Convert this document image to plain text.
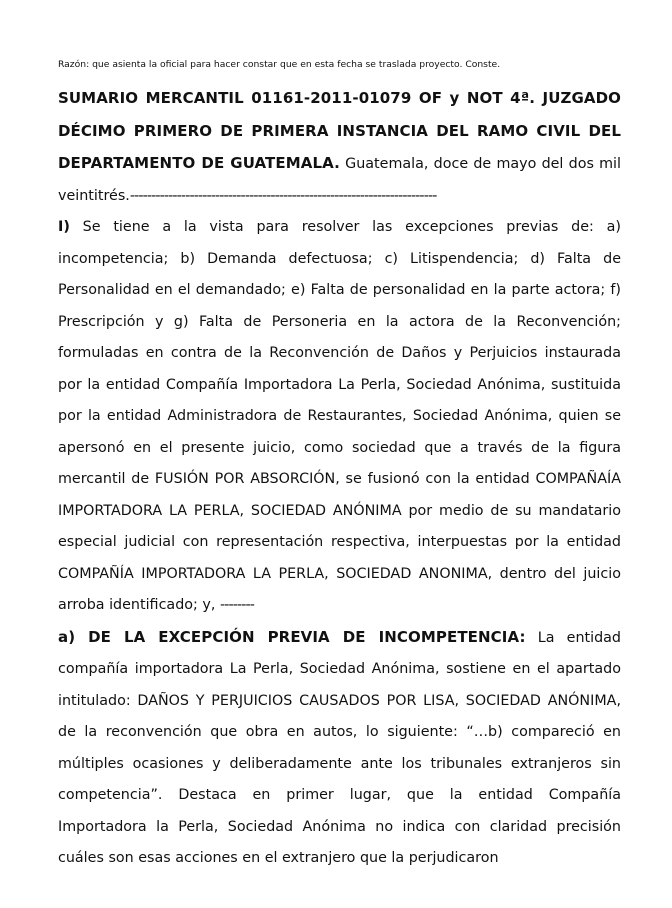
Razón: que asienta la oficial para hacer constar que en esta fecha se traslada proyecto. Conste.

SUMARIO MERCANTIL 01161-2011-01079 OF y NOT 4ª. JUZGADO DÉCIMO PRIMERO DE PRIMERA INSTANCIA DEL RAMO CIVIL DEL DEPARTAMENTO DE GUATEMALA. Guatemala, doce de mayo del dos mil veintitrés.------------------------------------------------------------------------

I) Se tiene a la vista para resolver las excepciones previas de: a) incompetencia; b) Demanda defectuosa; c) Litispendencia; d) Falta de Personalidad en el demandado; e) Falta de personalidad en la parte actora; f) Prescripción y g) Falta de Personeria en la actora de la Reconvención; formuladas en contra de la Reconvención de Daños y Perjuicios instaurada por la entidad Compañía Importadora La Perla, Sociedad Anónima, sustituida por la entidad Administradora de Restaurantes, Sociedad Anónima, quien se apersonó en el presente juicio, como sociedad que a través de la figura mercantil de FUSIÓN POR ABSORCIÓN, se fusionó con la entidad COMPAÑAÍA IMPORTADORA LA PERLA, SOCIEDAD ANÓNIMA por medio de su mandatario especial judicial con representación respectiva, interpuestas por la entidad COMPAÑÍA IMPORTADORA LA PERLA, SOCIEDAD ANONIMA, dentro del juicio arroba identificado; y, --------

a) DE LA EXCEPCIÓN PREVIA DE INCOMPETENCIA: La entidad compañía importadora La Perla, Sociedad Anónima, sostiene en el apartado intitulado: DAÑOS Y PERJUICIOS CAUSADOS POR LISA, SOCIEDAD ANÓNIMA, de la reconvención que obra en autos, lo siguiente: “…b) compareció en múltiples ocasiones y deliberadamente ante los tribunales extranjeros sin competencia”. Destaca en primer lugar, que la entidad Compañía Importadora la Perla, Sociedad Anónima no indica con claridad precisión cuáles son esas acciones en el extranjero que la perjudicaron
